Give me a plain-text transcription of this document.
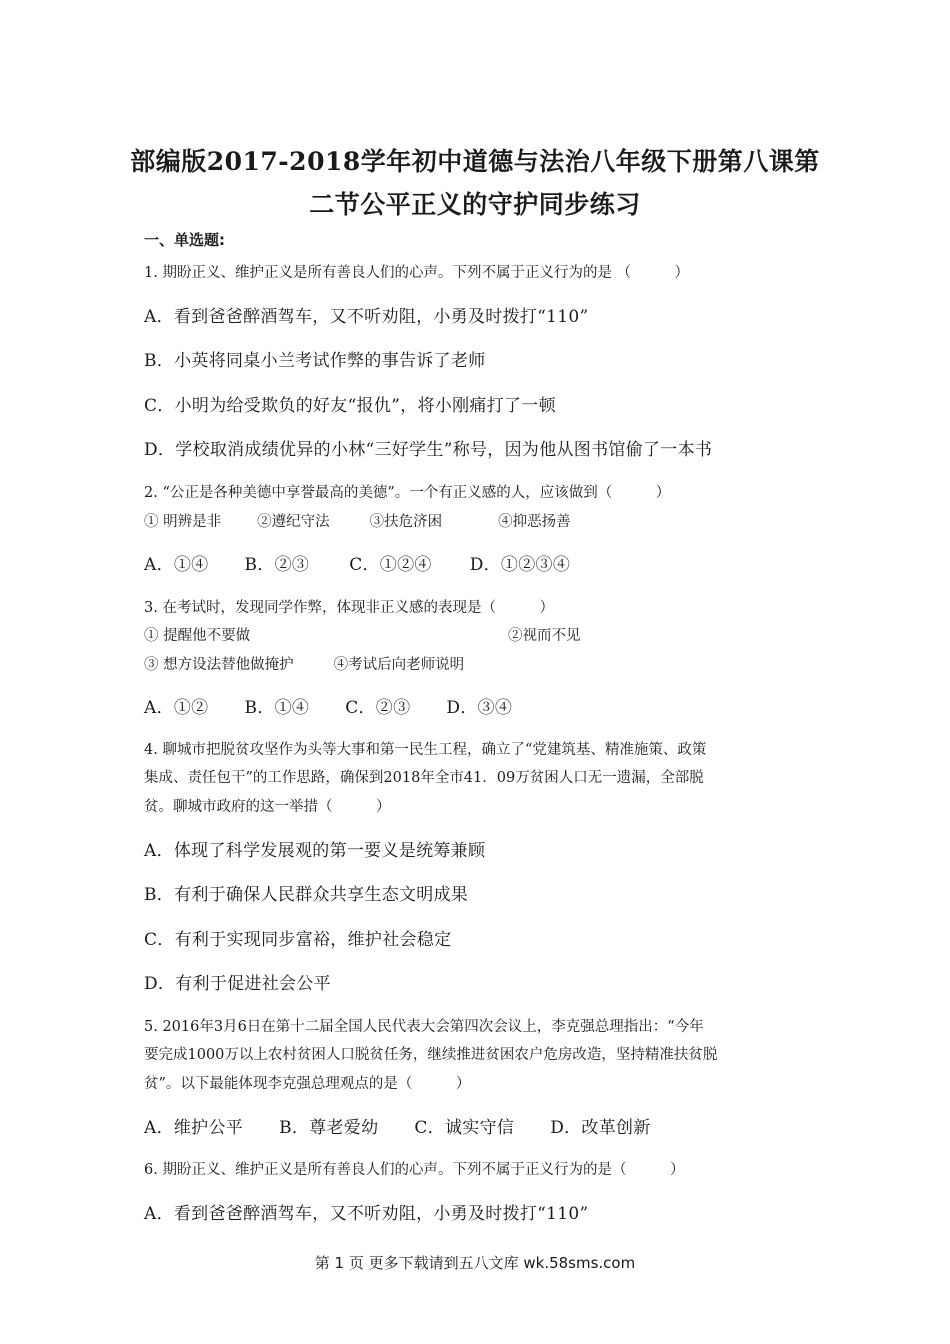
部编版2017-2018学年初中道德与法治八年级下册第八课第
二节公平正义的守护同步练习
一、单选题:
1. 期盼正义、维护正义是所有善良人们的心声。下列不属于正义行为的是 （　　　）
A．看到爸爸醉酒驾车，又不听劝阻，小勇及时拨打“110”
B．小英将同桌小兰考试作弊的事告诉了老师
C．小明为给受欺负的好友“报仇”，将小刚痛打了一顿
D．学校取消成绩优异的小林“三好学生”称号，因为他从图书馆偷了一本书
2. “公正是各种美德中享誉最高的美德”。一个有正义感的人，应该做到（　　　）
① 明辨是非 ②遵纪守法	③扶危济困	④抑恶扬善
A．①④ B．②③ C．①②④ D．①②③④
3. 在考试时，发现同学作弊，体现非正义感的表现是（　　　）
① 提醒他不要做	②视而不见
③ 想方设法替他做掩护	④考试后向老师说明
A．①② B．①④ C．②③ D．③④
4. 聊城市把脱贫攻坚作为头等大事和第一民生工程，确立了“党建筑基、精准施策、政策
集成、责任包干”的工作思路，确保到2018年全市41．09万贫困人口无一遗漏，全部脱
贫。聊城市政府的这一举措（　　　）
A．体现了科学发展观的第一要义是统筹兼顾
B．有利于确保人民群众共享生态文明成果
C．有利于实现同步富裕，维护社会稳定
D．有利于促进社会公平
5. 2016年3月6日在第十二届全国人民代表大会第四次会议上，李克强总理指出：“今年
要完成1000万以上农村贫困人口脱贫任务，继续推进贫困农户危房改造，坚持精准扶贫脱
贫”。以下最能体现李克强总理观点的是（　　　）
A．维护公平 B．尊老爱幼 C．诚实守信 D．改革创新
6. 期盼正义、维护正义是所有善良人们的心声。下列不属于正义行为的是（　　　）
A．看到爸爸醉酒驾车，又不听劝阻，小勇及时拨打“110”
第 1 页 更多下载请到五八文库 wk.58sms.com
